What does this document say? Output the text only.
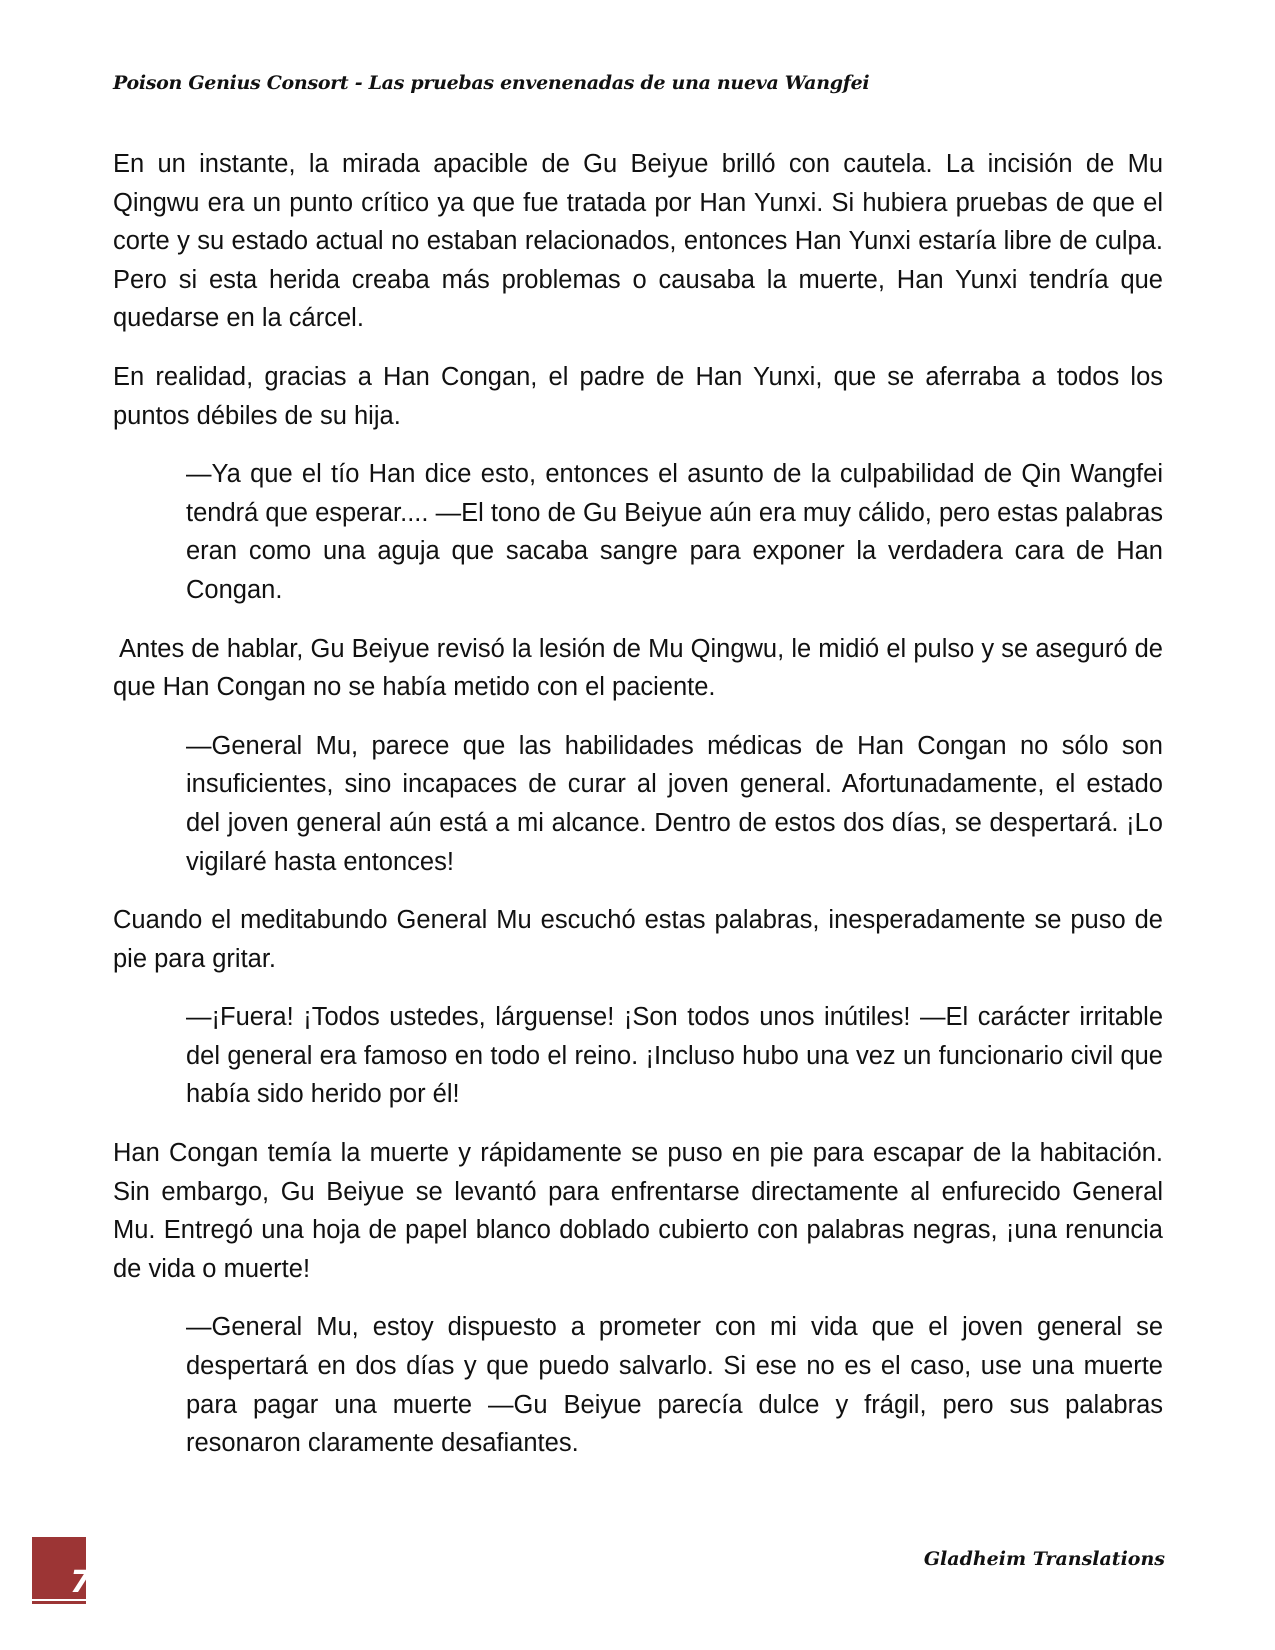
Poison Genius Consort - Las pruebas envenenadas de una nueva Wangfei

En un instante, la mirada apacible de Gu Beiyue brilló con cautela. La incisión de Mu Qingwu era un punto crítico ya que fue tratada por Han Yunxi. Si hubiera pruebas de que el corte y su estado actual no estaban relacionados, entonces Han Yunxi estaría libre de culpa. Pero si esta herida creaba más problemas o causaba la muerte, Han Yunxi tendría que quedarse en la cárcel.

En realidad, gracias a Han Congan, el padre de Han Yunxi, que se aferraba a todos los puntos débiles de su hija.

—Ya que el tío Han dice esto, entonces el asunto de la culpabilidad de Qin Wangfei tendrá que esperar.... —El tono de Gu Beiyue aún era muy cálido, pero estas palabras eran como una aguja que sacaba sangre para exponer la verdadera cara de Han Congan.

Antes de hablar, Gu Beiyue revisó la lesión de Mu Qingwu, le midió el pulso y se aseguró de que Han Congan no se había metido con el paciente.

—General Mu, parece que las habilidades médicas de Han Congan no sólo son insuficientes, sino incapaces de curar al joven general. Afortunadamente, el estado del joven general aún está a mi alcance. Dentro de estos dos días, se despertará. ¡Lo vigilaré hasta entonces!

Cuando el meditabundo General Mu escuchó estas palabras, inesperadamente se puso de pie para gritar.

—¡Fuera! ¡Todos ustedes, lárguense! ¡Son todos unos inútiles! —El carácter irritable del general era famoso en todo el reino. ¡Incluso hubo una vez un funcionario civil que había sido herido por él!

Han Congan temía la muerte y rápidamente se puso en pie para escapar de la habitación. Sin embargo, Gu Beiyue se levantó para enfrentarse directamente al enfurecido General Mu. Entregó una hoja de papel blanco doblado cubierto con palabras negras, ¡una renuncia de vida o muerte!

—General Mu, estoy dispuesto a prometer con mi vida que el joven general se despertará en dos días y que puedo salvarlo. Si ese no es el caso, use una muerte para pagar una muerte —Gu Beiyue parecía dulce y frágil, pero sus palabras resonaron claramente desafiantes.

7
Gladheim Translations
